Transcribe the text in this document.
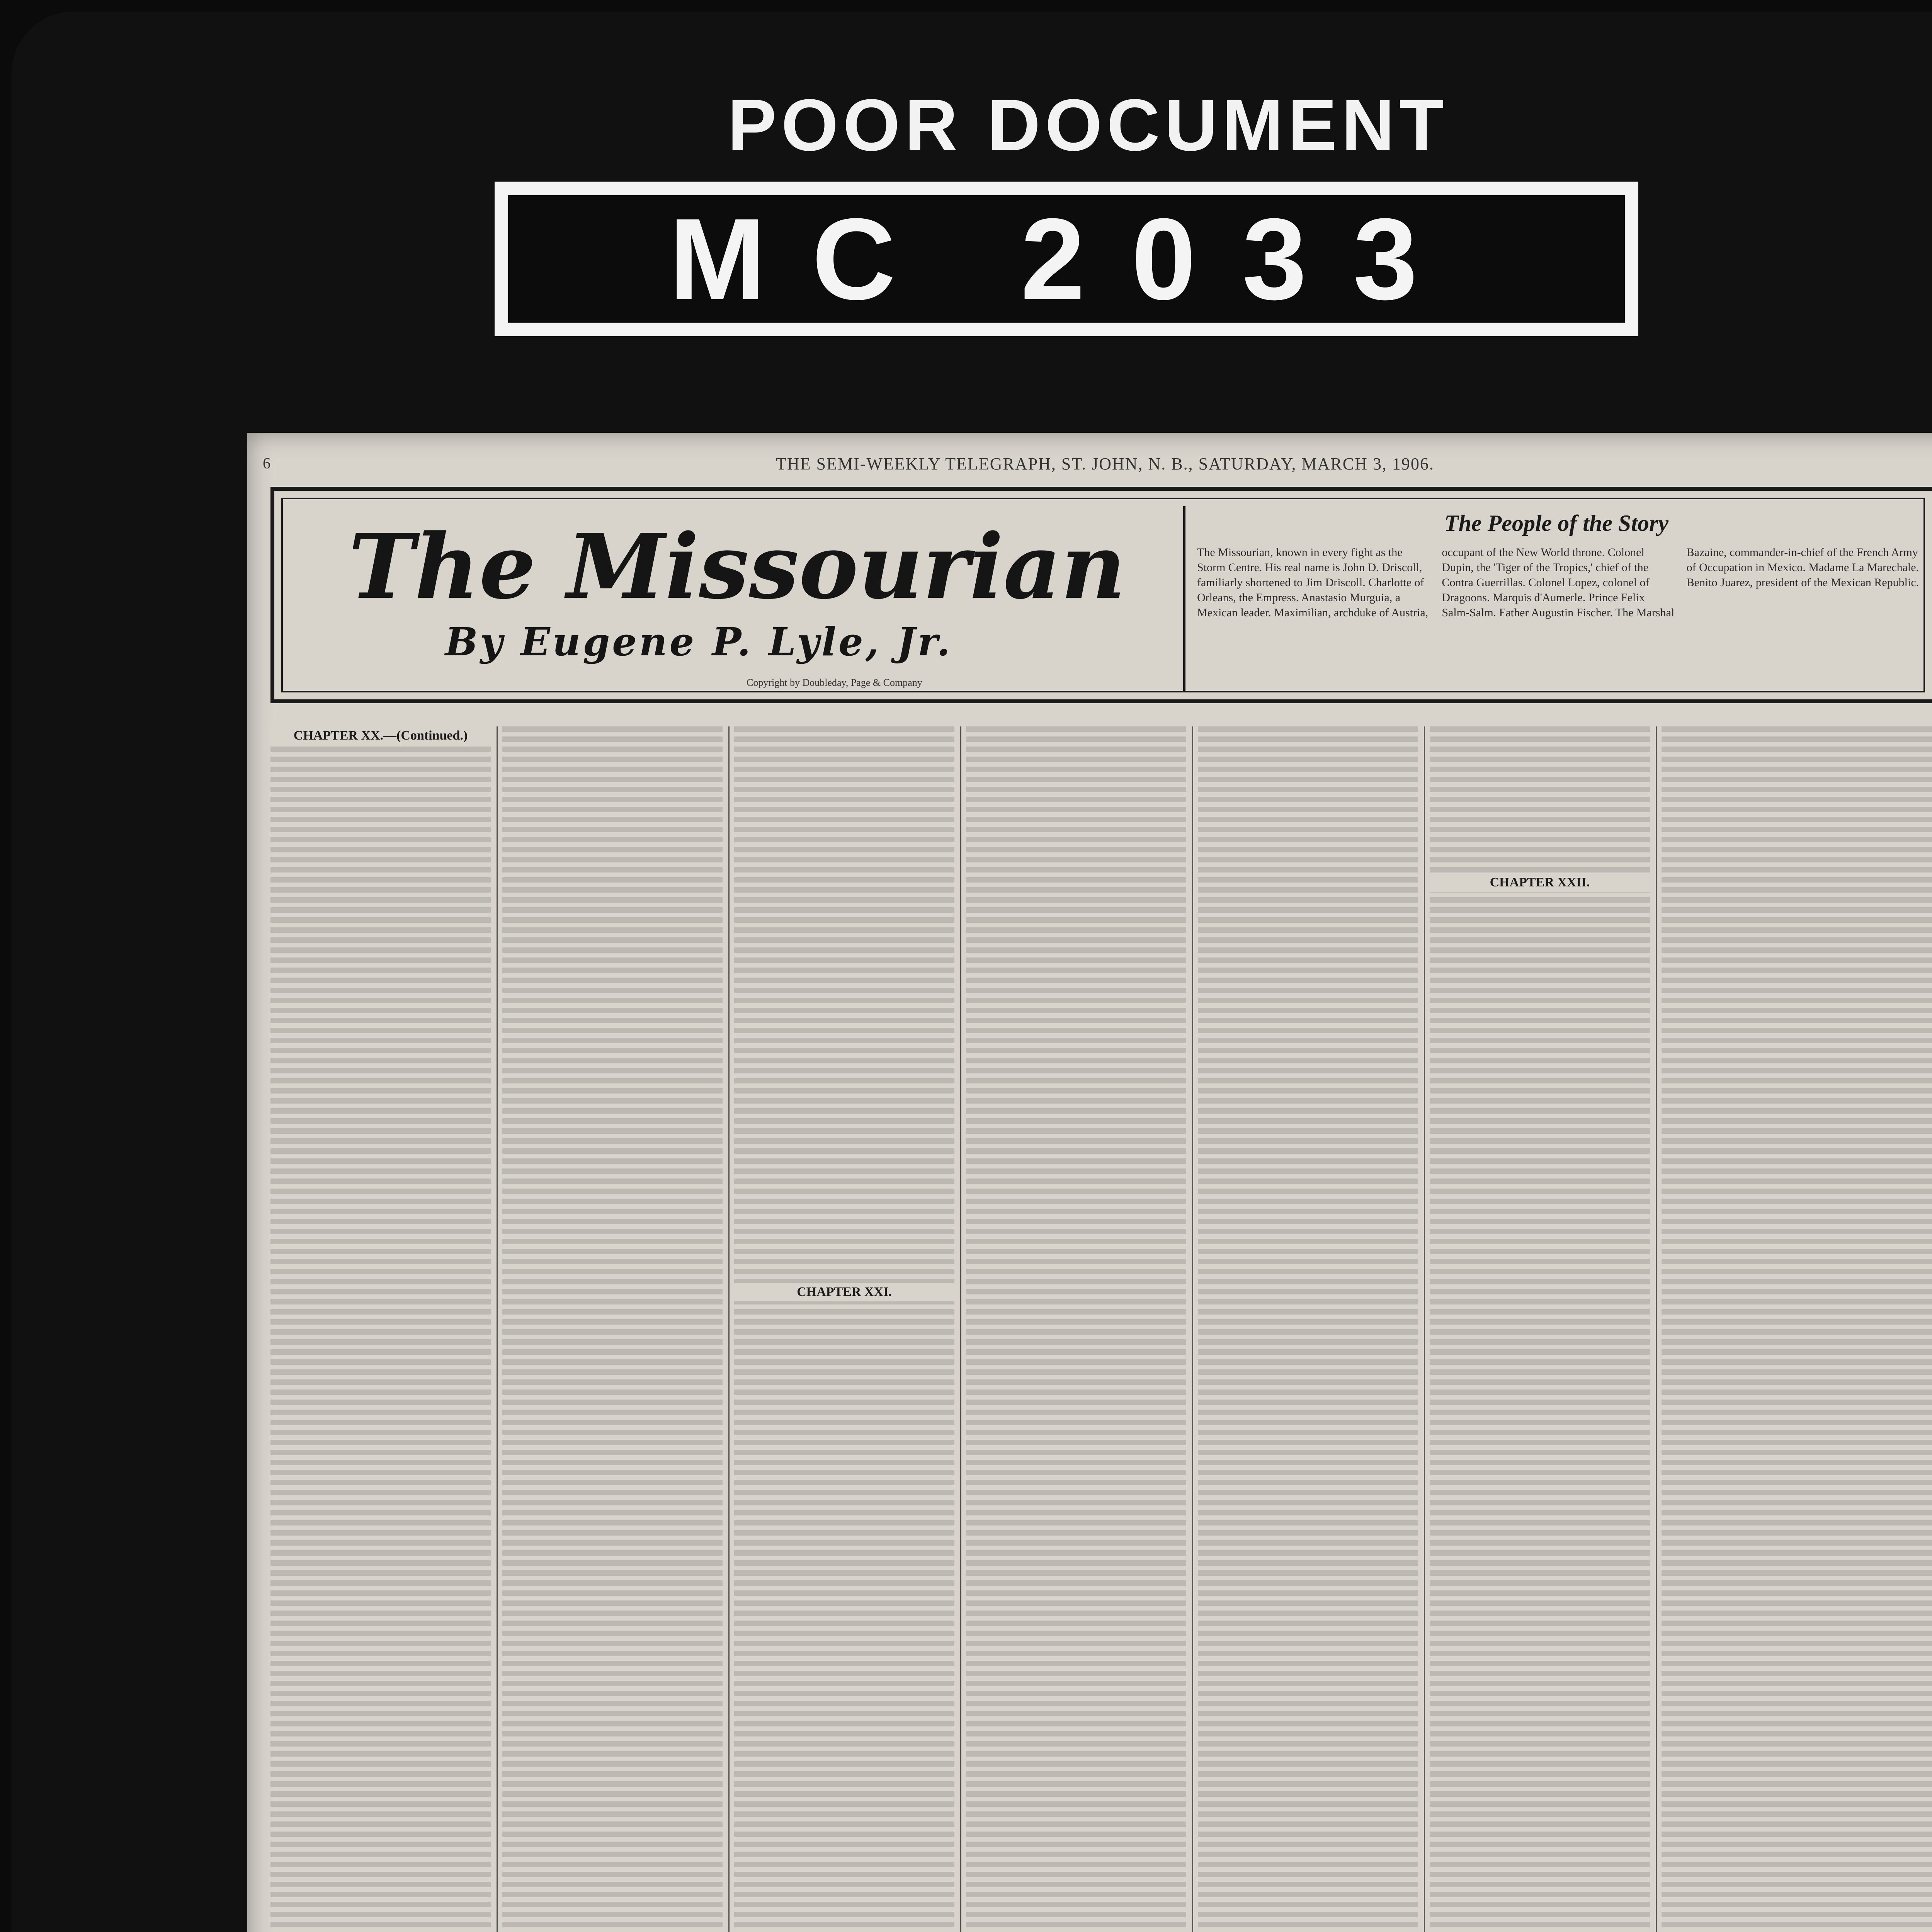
POOR DOCUMENT
MC 2033
6	THE SEMI-WEEKLY TELEGRAPH, ST. JOHN, N. B., SATURDAY, MARCH 3, 1906.
The Missourian
By Eugene P. Lyle, Jr.
Copyright by Doubleday, Page & Company
The People of the Story
The Missourian, known in every fight as the Storm Centre. His real name is John D. Driscoll, familiarly shortened to Jim Driscoll. Charlotte of Orleans, the Empress. Anastasio Murguia, a Mexican leader. Maximilian, archduke of Austria, occupant of the New World throne. Colonel Dupin, the 'Tiger of the Tropics,' chief of the Contra Guerrillas. Colonel Lopez, colonel of Dragoons. Marquis d'Aumerle. Prince Felix Salm-Salm. Father Augustin Fischer. The Marshal Bazaine, commander-in-chief of the French Army of Occupation in Mexico. Madame La Marechale. Benito Juarez, president of the Mexican Republic.
CHAPTER XX.—(Continued.)
CHAPTER XXI.
CHAPTER XXII.
